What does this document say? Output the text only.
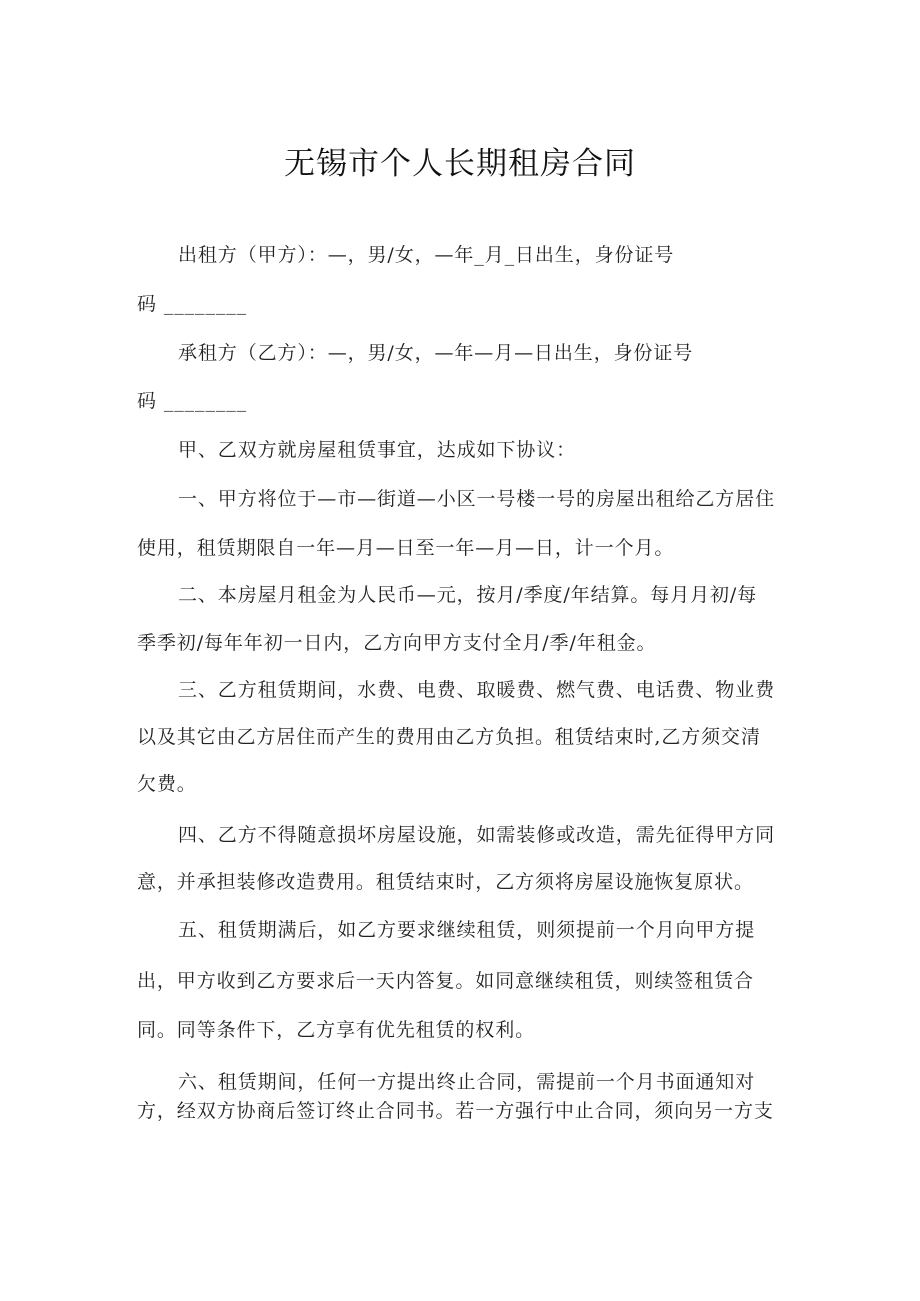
无锡市个人长期租房合同
出租方（甲方）：—，男/女，—年_月_日出生，身份证号
码 ________
承租方（乙方）：—，男/女，—年—月—日出生，身份证号
码 ________
甲、乙双方就房屋租赁事宜，达成如下协议：
一、甲方将位于—市—街道—小区一号楼一号的房屋出租给乙方居住
使用，租赁期限自一年—月—日至一年—月—日，计一个月。
二、本房屋月租金为人民币—元，按月/季度/年结算。每月月初/每
季季初/每年年初一日内，乙方向甲方支付全月/季/年租金。
三、乙方租赁期间，水费、电费、取暖费、燃气费、电话费、物业费
以及其它由乙方居住而产生的费用由乙方负担。租赁结束时,乙方须交清
欠费。
四、乙方不得随意损坏房屋设施，如需装修或改造，需先征得甲方同
意，并承担装修改造费用。租赁结束时，乙方须将房屋设施恢复原状。
五、租赁期满后，如乙方要求继续租赁，则须提前一个月向甲方提
出，甲方收到乙方要求后一天内答复。如同意继续租赁，则续签租赁合
同。同等条件下，乙方享有优先租赁的权利。
六、租赁期间，任何一方提出终止合同，需提前一个月书面通知对
方，经双方协商后签订终止合同书。若一方强行中止合同，须向另一方支
